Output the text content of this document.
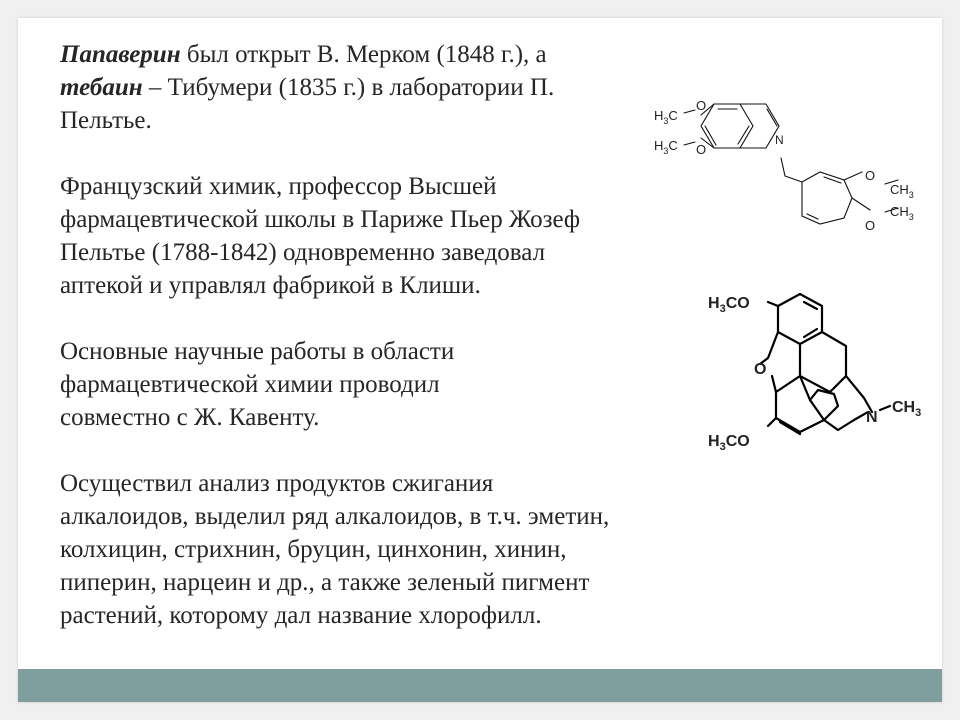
Папаверин был открыт В. Мерком (1848 г.), а
тебаин – Тибумери (1835 г.) в лаборатории П.
Пельтье.

Французский химик, профессор Высшей
фармацевтической школы в Париже Пьер Жозеф
Пельтье (1788-1842) одновременно заведовал
аптекой и управлял фабрикой в Клиши.

Основные научные работы в области
фармацевтической химии проводил
совместно с Ж. Кавенту.

Осуществил анализ продуктов сжигания
алкалоидов, выделил ряд алкалоидов, в т.ч. эметин,
колхицин, стрихнин, бруцин, цинхонин, хинин,
пиперин, нарцеин и др., а также зеленый пигмент
растений, которому дал название хлорофилл.

$H_3C$
O
$H_3C$ O
N
O
$CH_3$
O
$CH_3$
$H_3CO$
O
$H_3CO$
N
$CH_3$
